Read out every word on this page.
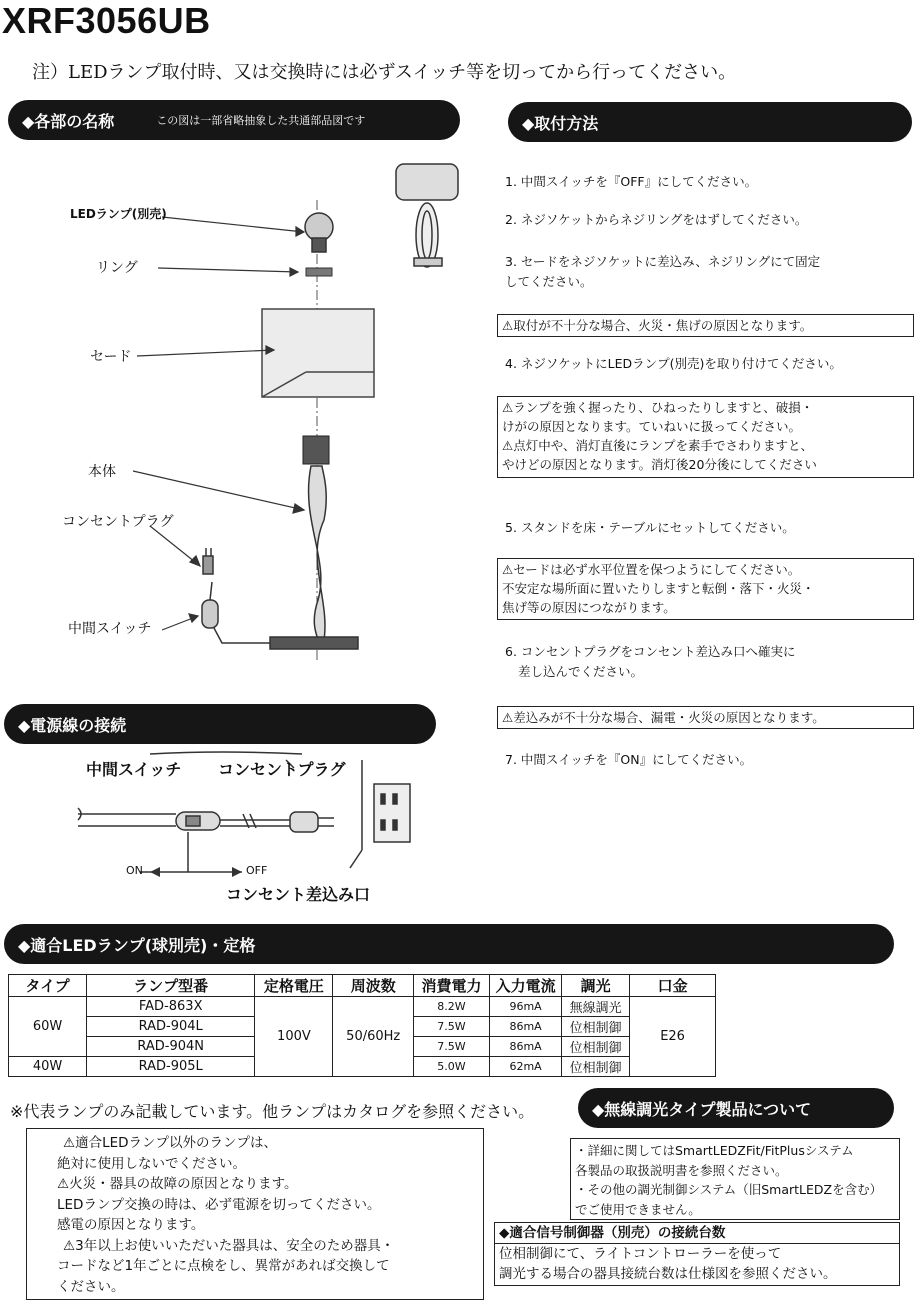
XRF3056UB
注）LEDランプ取付時、又は交換時には必ずスイッチ等を切ってから行ってください。
◆各部の名称	この図は一部省略抽象した共通部品図です	◆取付方法
◆電源線の接続
◆適合LEDランプ(球別売)・定格
◆無線調光タイプ製品について
LEDランプ(別売)
リング
セード
本体
コンセントプラグ
中間スイッチ
1. 中間スイッチを『OFF』にしてください。
2. ネジソケットからネジリングをはずしてください。
3. セードをネジソケットに差込み、ネジリングにて固定
してください。
⚠取付が不十分な場合、火災・焦げの原因となります。
4. ネジソケットにLEDランプ(別売)を取り付けてください。
⚠ランプを強く握ったり、ひねったりしますと、破損・
けがの原因となります。ていねいに扱ってください。
⚠点灯中や、消灯直後にランプを素手でさわりますと、
やけどの原因となります。消灯後20分後にしてください
5. スタンドを床・テーブルにセットしてください。
⚠セードは必ず水平位置を保つようにしてください。
不安定な場所面に置いたりしますと転倒・落下・火災・
焦げ等の原因につながります。
6. コンセントプラグをコンセント差込み口へ確実に
差し込んでください。
⚠差込みが不十分な場合、漏電・火災の原因となります。
7. 中間スイッチを『ON』にしてください。
中間スイッチ コンセントプラグ
ON	OFF
コンセント差込み口
タイプ	ランプ型番	定格電圧	周波数	消費電力	入力電流	調光	口金
60W	FAD-863X	100V	50/60Hz	8.2W	96mA	無線調光	E26
	RAD-904L			7.5W	86mA	位相制御	
	RAD-904N			7.5W	86mA	位相制御	
40W	RAD-905L			5.0W	62mA	位相制御	
※代表ランプのみ記載しています。他ランプはカタログを参照ください。
⚠適合LEDランプ以外のランプは、
絶対に使用しないでください。
⚠火災・器具の故障の原因となります。
LEDランプ交換の時は、必ず電源を切ってください。
感電の原因となります。
⚠3年以上お使いいただいた器具は、安全のため器具・
コードなど1年ごとに点検をし、異常があれば交換して
ください。
・詳細に関してはSmartLEDZFit/FitPlusシステム
各製品の取扱説明書を参照ください。
・その他の調光制御システム（旧SmartLEDZを含む）
でご使用できません。
◆適合信号制御器（別売）の接続台数
位相制御にて、ライトコントローラーを使って
調光する場合の器具接続台数は仕様図を参照ください。
